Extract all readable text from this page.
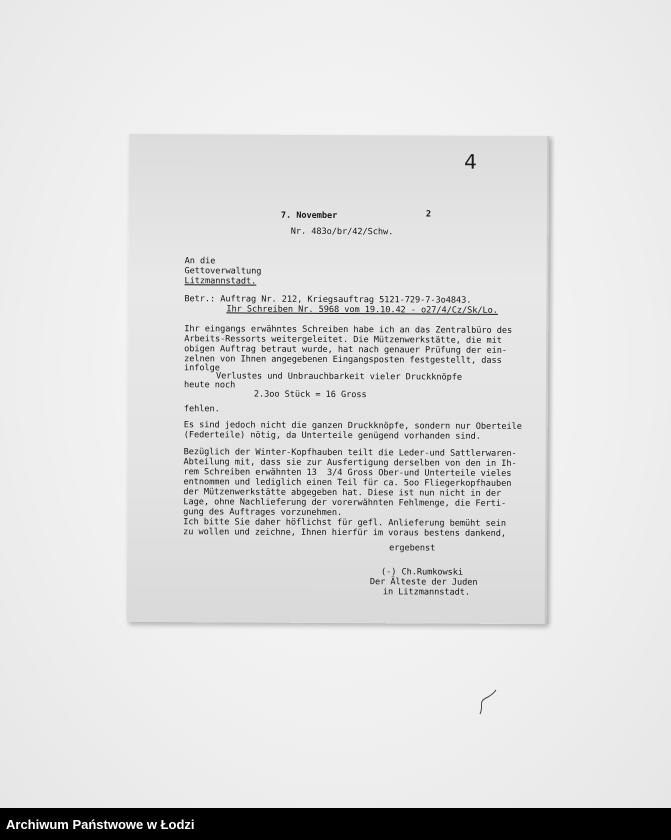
4
7. November	2
Nr. 483o/br/42/Schw.
An die
Gettoverwaltung
Litzmannstadt.
Betr.: Auftrag Nr. 212, Kriegsauftrag 5121-729-7-3o4843.
Ihr Schreiben Nr. 5968 vom 19.10.42 - o27/4/Cz/Sk/Lo.
Ihr eingangs erwähntes Schreiben habe ich an das Zentralbüro des
Arbeits-Ressorts weitergeleitet. Die Mützenwerkstätte, die mit
obigen Auftrag betraut wurde, hat nach genauer Prüfung der ein-
zelnen von Ihnen angegebenen Eingangsposten festgestellt, dass
infolge
Verlustes und Unbrauchbarkeit vieler Druckknöpfe
heute noch
2.3oo Stück = 16 Gross
fehlen.
Es sind jedoch nicht die ganzen Druckknöpfe, sondern nur Oberteile
(Federteile) nötig, da Unterteile genügend vorhanden sind.
Bezüglich der Winter-Kopfhauben teilt die Leder-und Sattlerwaren-
Abteilung mit, dass sie zur Ausfertigung derselben von den in Ih-
rem Schreiben erwähnten 13  3/4 Gross Ober-und Unterteile vieles
entnommen und lediglich einen Teil für ca. 5oo Fliegerkopfhauben
der Mützenwerkstätte abgegeben hat. Diese ist nun nicht in der
Lage, ohne Nachlieferung der vorerwähnten Fehlmenge, die Ferti-
gung des Auftrages vorzunehmen.
Ich bitte Sie daher höflichst für gefl. Anlieferung bemüht sein
zu wollen und zeichne, Ihnen hierfür im voraus bestens dankend,
ergebenst
(-) Ch.Rumkowski
Der Älteste der Juden
in Litzmannstadt.
Archiwum Państwowe w Łodzi
